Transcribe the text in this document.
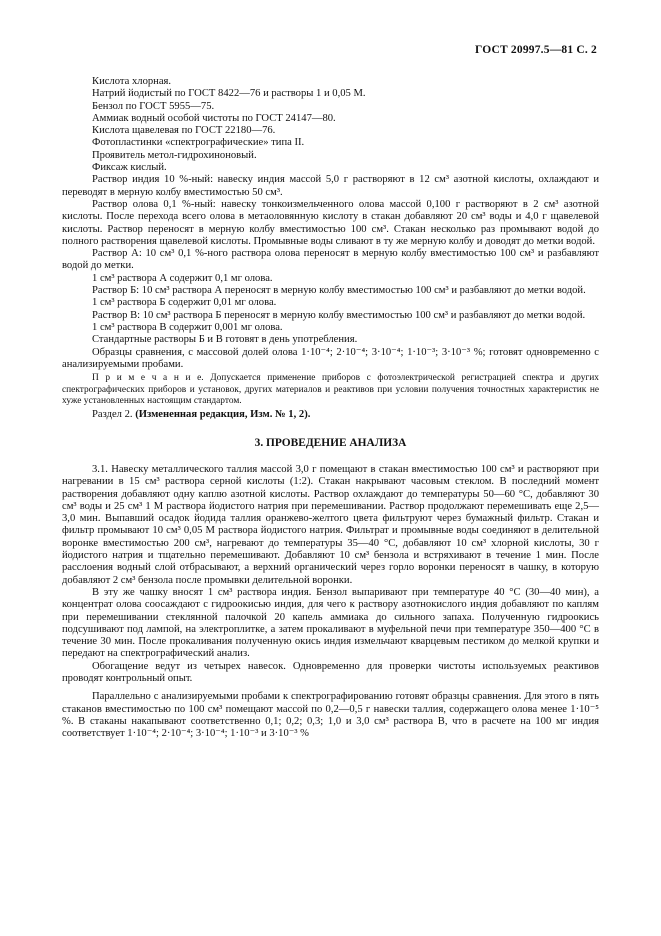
ГОСТ 20997.5—81 С. 2

Кислота хлорная.

Натрий йодистый по ГОСТ 8422—76 и растворы 1 и 0,05 М.

Бензол по ГОСТ 5955—75.

Аммиак водный особой чистоты по ГОСТ 24147—80.

Кислота щавелевая по ГОСТ 22180—76.

Фотопластинки «спектрографические» типа II.

Проявитель метол-гидрохиноновый.

Фиксаж кислый.

Раствор индия 10 %-ный: навеску индия массой 5,0 г растворяют в 12 см³ азотной кислоты, охлаждают и переводят в мерную колбу вместимостью 50 см³.

Раствор олова 0,1 %-ный: навеску тонкоизмельченного олова массой 0,100 г растворяют в 2 см³ азотной кислоты. После перехода всего олова в метаоловянную кислоту в стакан добавляют 20 см³ воды и 4,0 г щавелевой кислоты. Раствор переносят в мерную колбу вместимостью 100 см³. Стакан несколько раз промывают водой до полного растворения щавелевой кислоты. Промывные воды сливают в ту же мерную колбу и доводят до метки водой.

Раствор А: 10 см³ 0,1 %-ного раствора олова переносят в мерную колбу вместимостью 100 см³ и разбавляют водой до метки.

1 см³ раствора А содержит 0,1 мг олова.

Раствор Б: 10 см³ раствора А переносят в мерную колбу вместимостью 100 см³ и разбавляют до метки водой.

1 см³ раствора Б содержит 0,01 мг олова.

Раствор В: 10 см³ раствора Б переносят в мерную колбу вместимостью 100 см³ и разбавляют до метки водой.

1 см³ раствора В содержит 0,001 мг олова.

Стандартные растворы Б и В готовят в день употребления.

Образцы сравнения, с массовой долей олова 1·10⁻⁴; 2·10⁻⁴; 3·10⁻⁴; 1·10⁻³; 3·10⁻³ %; готовят одновременно с анализируемыми пробами.

П р и м е ч а н и е. Допускается применение приборов с фотоэлектрической регистрацией спектра и других спектрографических приборов и установок, других материалов и реактивов при условии получения точностных характеристик не хуже установленных настоящим стандартом.

Раздел 2. (Измененная редакция, Изм. № 1, 2).

3. ПРОВЕДЕНИЕ АНАЛИЗА

3.1. Навеску металлического таллия массой 3,0 г помещают в стакан вместимостью 100 см³ и растворяют при нагревании в 15 см³ раствора серной кислоты (1:2). Стакан накрывают часовым стеклом. В последний момент растворения добавляют одну каплю азотной кислоты. Раствор охлаждают до температуры 50—60 °С, добавляют 30 см³ воды и 25 см³ 1 М раствора йодистого натрия при перемешивании. Раствор продолжают перемешивать еще 2,5—3,0 мин. Выпавший осадок йодида таллия оранжево-желтого цвета фильтруют через бумажный фильтр. Стакан и фильтр промывают 10 см³ 0,05 М раствора йодистого натрия. Фильтрат и промывные воды соединяют в делительной воронке вместимостью 200 см³, нагревают до температуры 35—40 °С, добавляют 10 см³ хлорной кислоты, 30 г йодистого натрия и тщательно перемешивают. Добавляют 10 см³ бензола и встряхивают в течение 1 мин. После расслоения водный слой отбрасывают, а верхний органический через горло воронки переносят в чашку, в которую добавляют 2 см³ бензола после промывки делительной воронки.

В эту же чашку вносят 1 см³ раствора индия. Бензол выпаривают при температуре 40 °С (30—40 мин), а концентрат олова соосаждают с гидроокисью индия, для чего к раствору азотнокислого индия добавляют по каплям при перемешивании стеклянной палочкой 20 капель аммиака до сильного запаха. Полученную гидроокись подсушивают под лампой, на электроплитке, а затем прокаливают в муфельной печи при температуре 350—400 °С в течение 30 мин. После прокаливания полученную окись индия измельчают кварцевым пестиком до мелкой крупки и передают на спектрографический анализ.

Обогащение ведут из четырех навесок. Одновременно для проверки чистоты используемых реактивов проводят контрольный опыт.

Параллельно с анализируемыми пробами к спектрографированию готовят образцы сравнения. Для этого в пять стаканов вместимостью по 100 см³ помещают массой по 0,2—0,5 г навески таллия, содержащего олова менее 1·10⁻⁵ %. В стаканы накапывают соответственно 0,1; 0,2; 0,3; 1,0 и 3,0 см³ раствора В, что в расчете на 100 мг индия соответствует 1·10⁻⁴; 2·10⁻⁴; 3·10⁻⁴; 1·10⁻³ и 3·10⁻³ %
